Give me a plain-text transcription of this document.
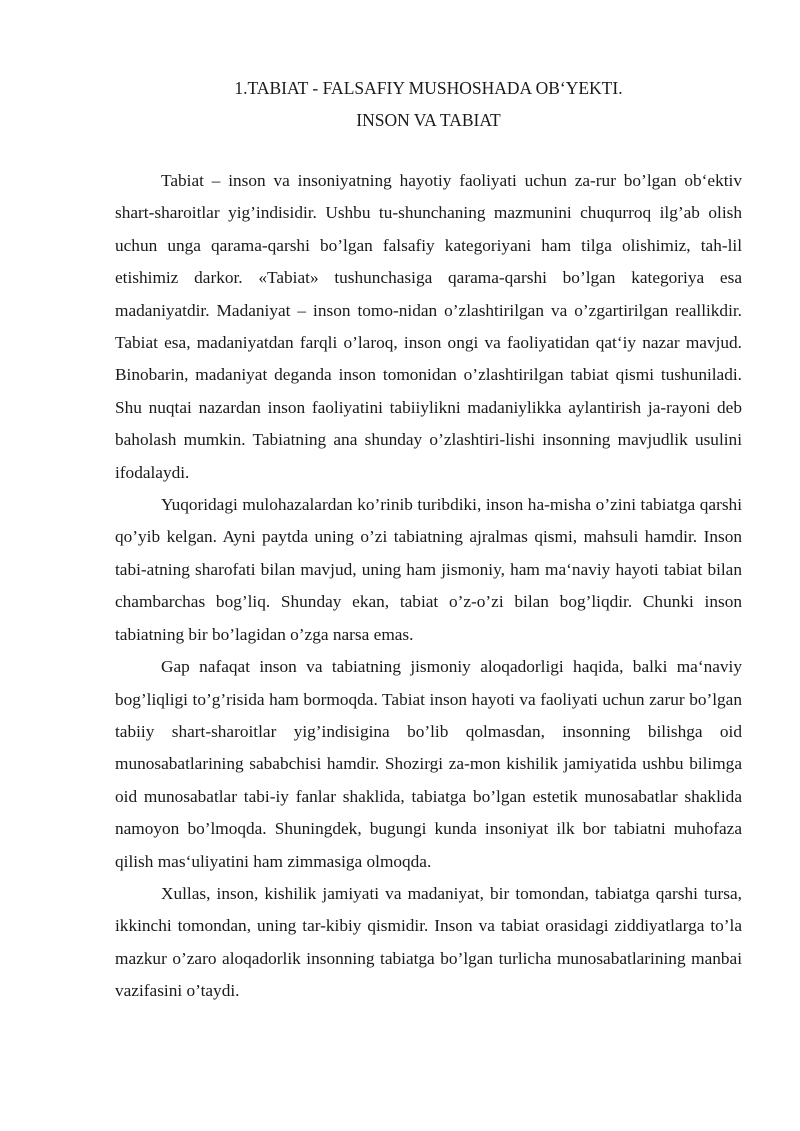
1.TABIAT - FALSAFIY MUSHOSHADA OB‘YEKTI.

INSON VA TABIAT

Tabiat – inson va insoniyatning hayotiy faoliyati uchun za-rur bo’lgan ob‘ektiv shart-sharoitlar yig’indisidir. Ushbu tu-shunchaning mazmunini chuqurroq ilg’ab olish uchun unga qarama-qarshi bo’lgan falsafiy kategoriyani ham tilga olishimiz, tah-lil etishimiz darkor. «Tabiat» tushunchasiga qarama-qarshi bo’lgan kategoriya esa madaniyatdir. Madaniyat – inson tomo-nidan o’zlashtirilgan va o’zgartirilgan reallikdir. Tabiat esa, madaniyatdan farqli o’laroq, inson ongi va faoliyatidan qat‘iy nazar mavjud. Binobarin, madaniyat deganda inson tomonidan o’zlashtirilgan tabiat qismi tushuniladi. Shu nuqtai nazardan inson faoliyatini tabiiylikni madaniylikka aylantirish ja-rayoni deb baholash mumkin. Tabiatning ana shunday o’zlashtiri-lishi insonning mavjudlik usulini ifodalaydi.

Yuqoridagi mulohazalardan ko’rinib turibdiki, inson ha-misha o’zini tabiatga qarshi qo’yib kelgan. Ayni paytda uning o’zi tabiatning ajralmas qismi, mahsuli hamdir. Inson tabi-atning sharofati bilan mavjud, uning ham jismoniy, ham ma‘naviy hayoti tabiat bilan chambarchas bog’liq. Shunday ekan, tabiat o’z-o’zi bilan bog’liqdir. Chunki inson tabiatning bir bo’lagidan o’zga narsa emas.

Gap nafaqat inson va tabiatning jismoniy aloqadorligi haqida, balki ma‘naviy bog’liqligi to’g’risida ham bormoqda. Tabiat inson hayoti va faoliyati uchun zarur bo’lgan tabiiy shart-sharoitlar yig’indisigina bo’lib qolmasdan, insonning bilishga oid munosabatlarining sababchisi hamdir. Shozirgi za-mon kishilik jamiyatida ushbu bilimga oid munosabatlar tabi-iy fanlar shaklida, tabiatga bo’lgan estetik munosabatlar shaklida namoyon bo’lmoqda. Shuningdek, bugungi kunda insoniyat ilk bor tabiatni muhofaza qilish mas‘uliyatini ham zimmasiga olmoqda.

Xullas, inson, kishilik jamiyati va madaniyat, bir tomondan, tabiatga qarshi tursa, ikkinchi tomondan, uning tar-kibiy qismidir. Inson va tabiat orasidagi ziddiyatlarga to’la mazkur o’zaro aloqadorlik insonning tabiatga bo’lgan turlicha munosabatlarining manbai vazifasini o’taydi.
